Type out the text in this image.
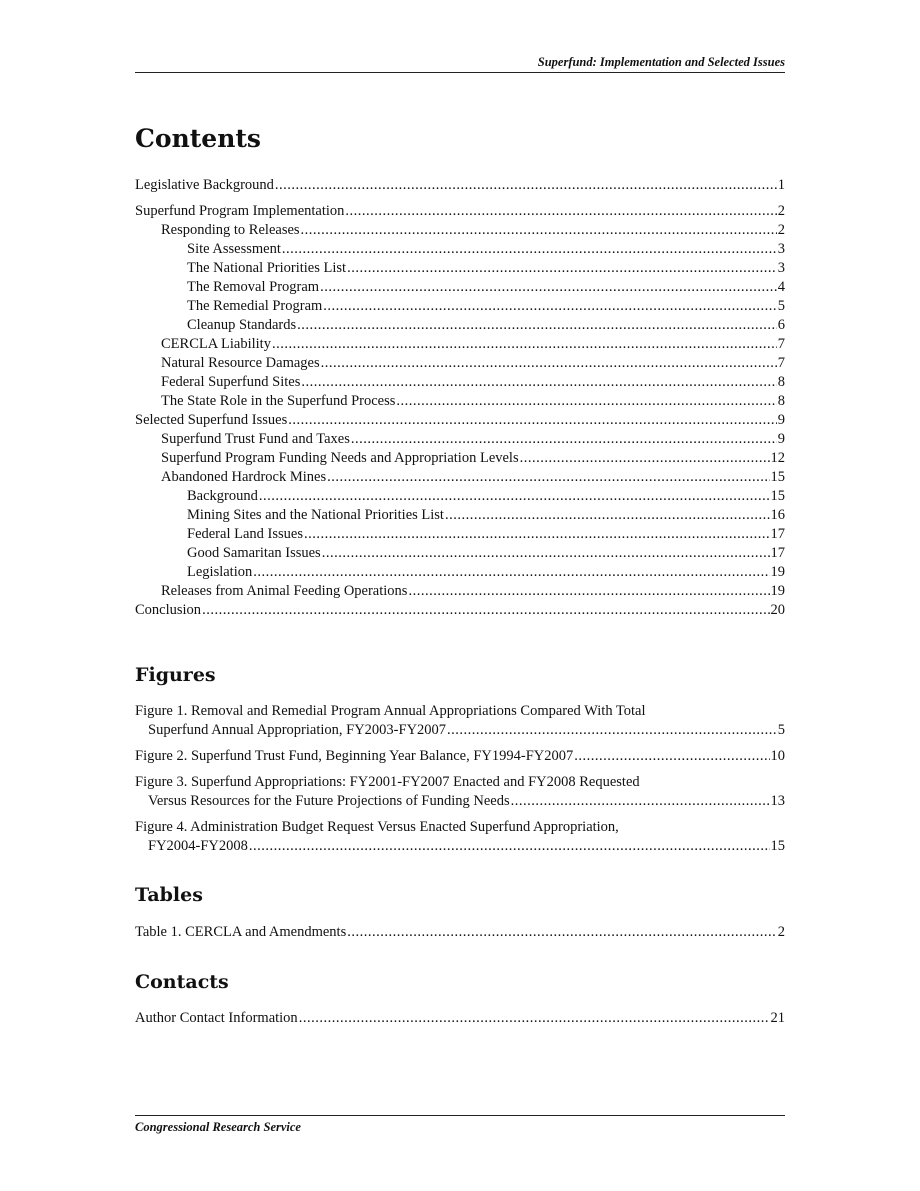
Superfund: Implementation and Selected Issues
Contents
Legislative Background .....	1
Superfund Program Implementation .....	2
Responding to Releases .....	2
Site Assessment .....	3
The National Priorities List .....	3
The Removal Program .....	4
The Remedial Program .....	5
Cleanup Standards .....	6
CERCLA Liability .....	7
Natural Resource Damages .....	7
Federal Superfund Sites .....	8
The State Role in the Superfund Process .....	8
Selected Superfund Issues .....	9
Superfund Trust Fund and Taxes .....	9
Superfund Program Funding Needs and Appropriation Levels .....	12
Abandoned Hardrock Mines .....	15
Background .....	15
Mining Sites and the National Priorities List .....	16
Federal Land Issues .....	17
Good Samaritan Issues .....	17
Legislation .....	19
Releases from Animal Feeding Operations .....	19
Conclusion .....	20
Figures
Figure 1. Removal and Remedial Program Annual Appropriations Compared With Total
Superfund Annual Appropriation, FY2003-FY2007 .....	5
Figure 2. Superfund Trust Fund, Beginning Year Balance, FY1994-FY2007 .....	10
Figure 3. Superfund Appropriations: FY2001-FY2007 Enacted and FY2008 Requested
Versus Resources for the Future Projections of Funding Needs .....	13
Figure 4. Administration Budget Request Versus Enacted Superfund Appropriation,
FY2004-FY2008 .....	15
Tables
Table 1. CERCLA and Amendments .....	2
Contacts
Author Contact Information .....	21
Congressional Research Service
